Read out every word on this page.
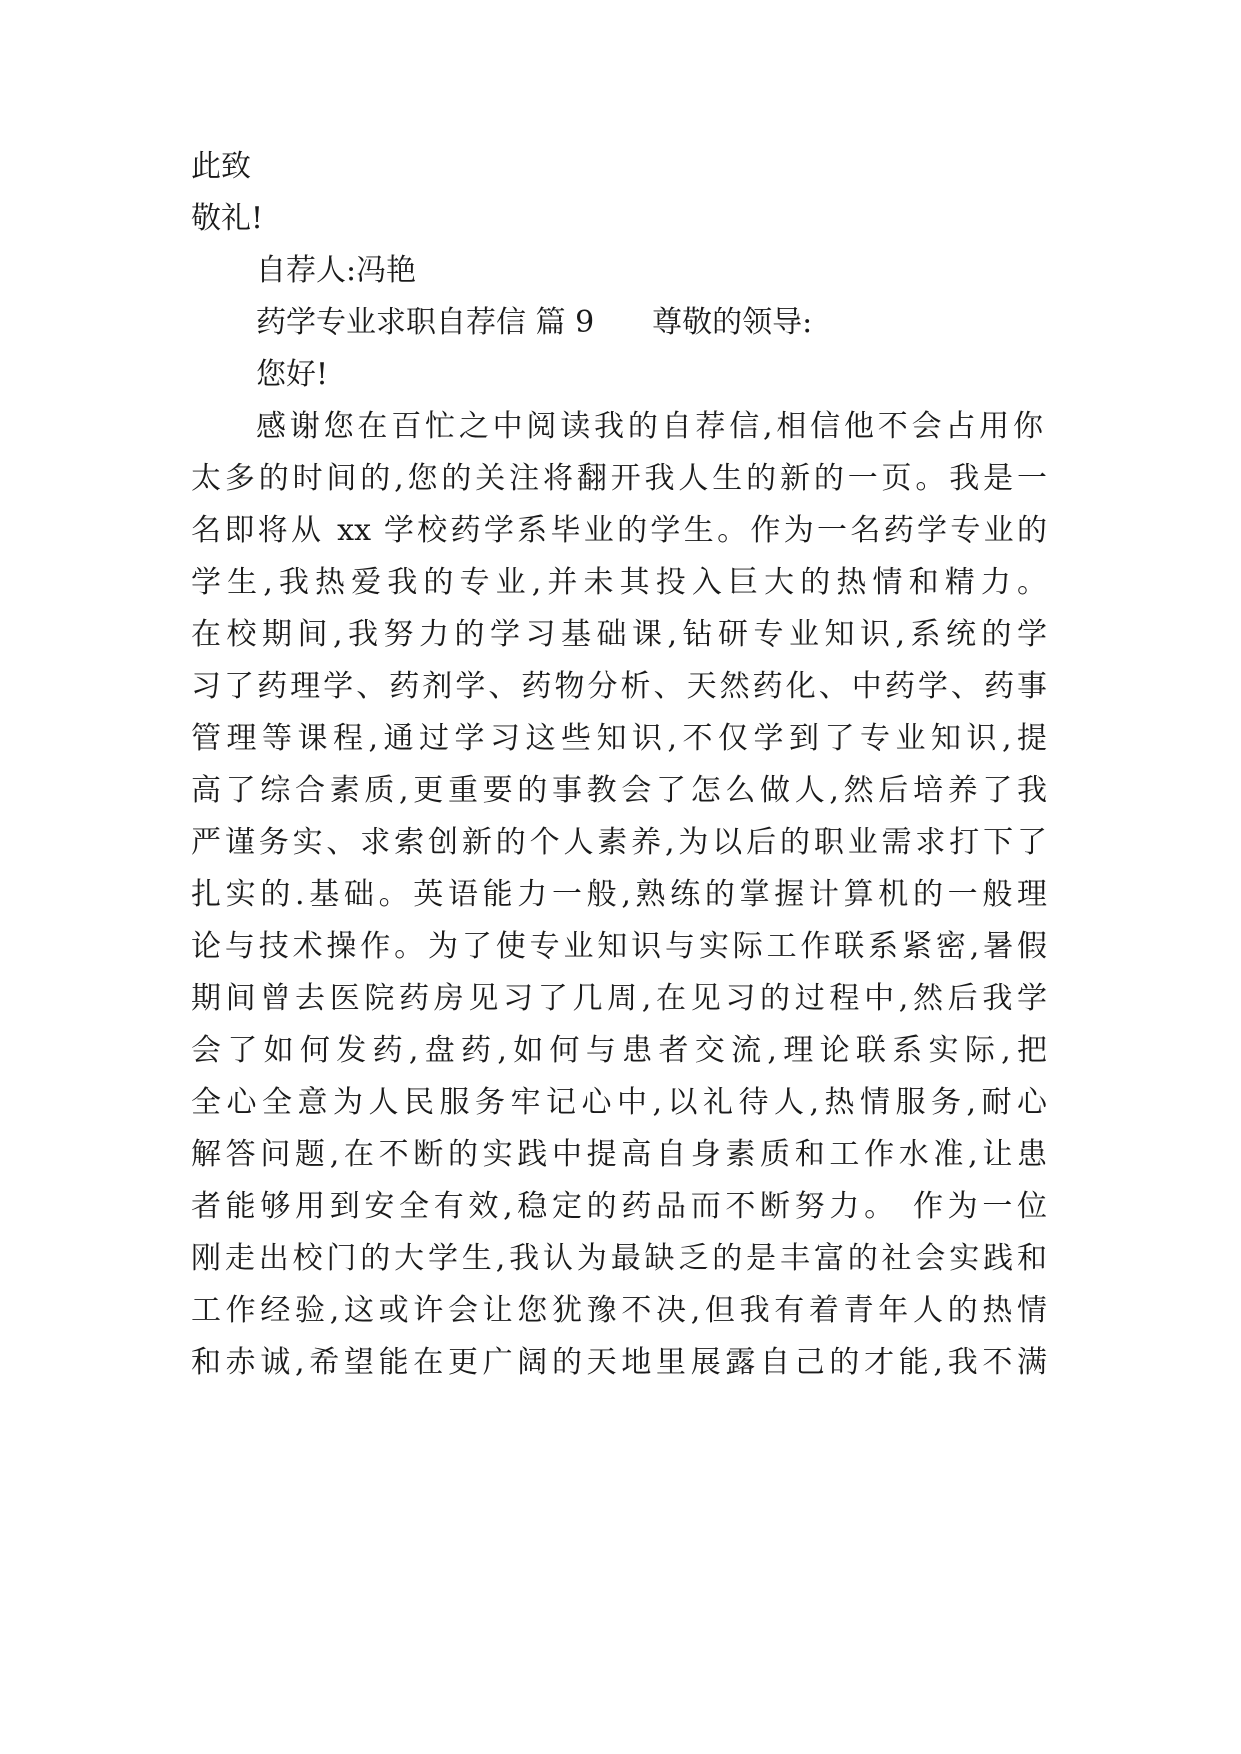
此致
敬礼!
自荐人:冯艳
药学专业求职自荐信 篇 9 尊敬的领导:
您好!
感谢您在百忙之中阅读我的自荐信,相信他不会占用你
太多的时间的,您的关注将翻开我人生的新的一页。我是一
名即将从 xx 学校药学系毕业的学生。作为一名药学专业的
学生,我热爱我的专业,并未其投入巨大的热情和精力。
在校期间,我努力的学习基础课,钻研专业知识,系统的学
习了药理学、药剂学、药物分析、天然药化、中药学、药事
管理等课程,通过学习这些知识,不仅学到了专业知识,提
高了综合素质,更重要的事教会了怎么做人,然后培养了我
严谨务实、求索创新的个人素养,为以后的职业需求打下了
扎实的.基础。英语能力一般,熟练的掌握计算机的一般理
论与技术操作。为了使专业知识与实际工作联系紧密,暑假
期间曾去医院药房见习了几周,在见习的过程中,然后我学
会了如何发药,盘药,如何与患者交流,理论联系实际,把
全心全意为人民服务牢记心中,以礼待人,热情服务,耐心
解答问题,在不断的实践中提高自身素质和工作水准,让患
者能够用到安全有效,稳定的药品而不断努力。 作为一位
刚走出校门的大学生,我认为最缺乏的是丰富的社会实践和
工作经验,这或许会让您犹豫不决,但我有着青年人的热情
和赤诚,希望能在更广阔的天地里展露自己的才能,我不满
